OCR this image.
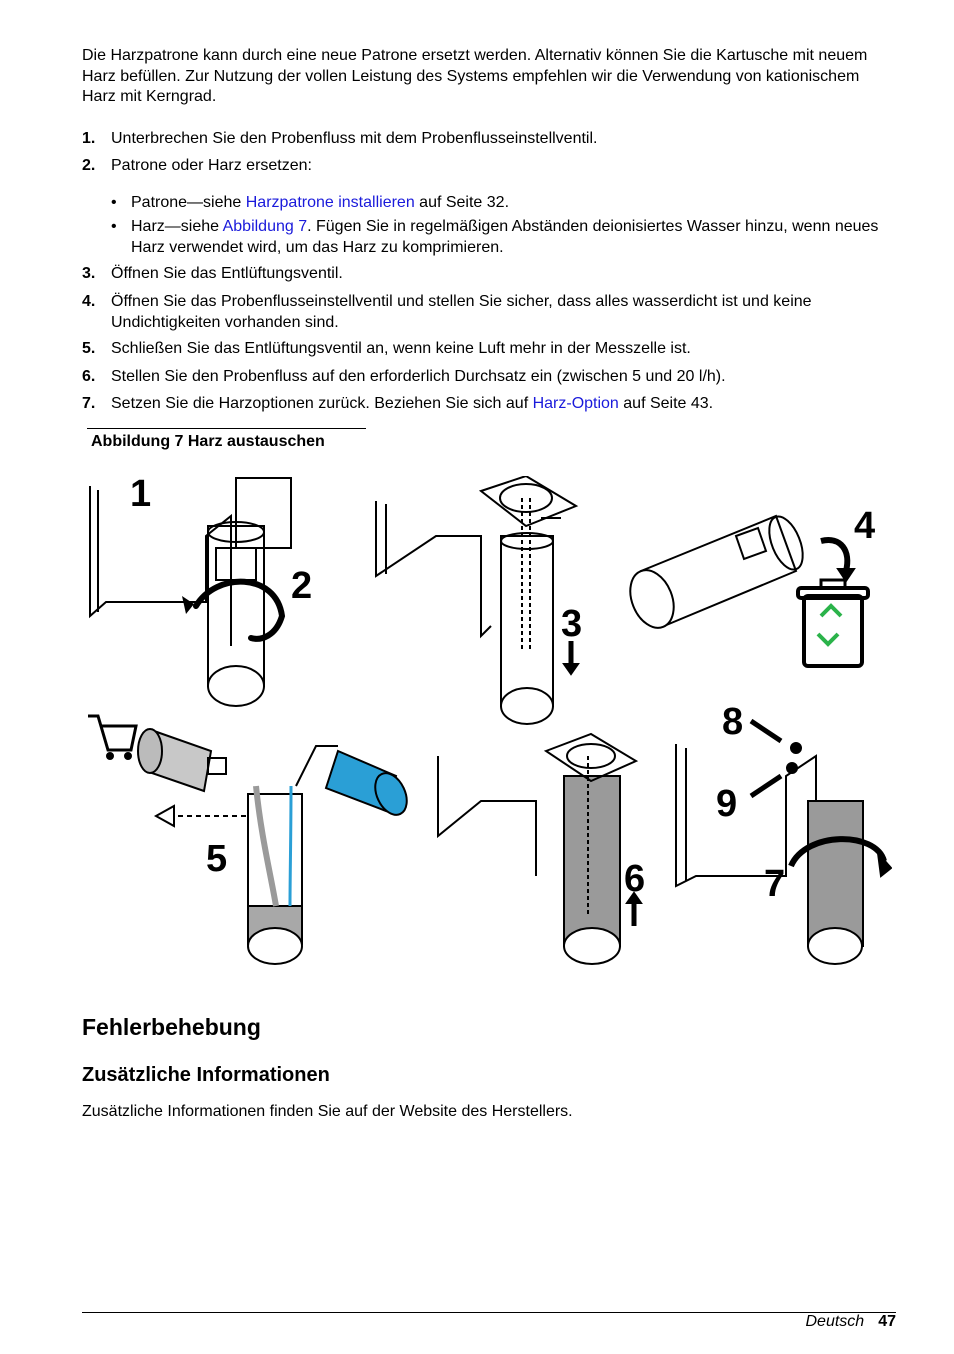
Die Harzpatrone kann durch eine neue Patrone ersetzt werden. Alternativ können Sie die Kartusche mit neuem Harz befüllen. Zur Nutzung der vollen Leistung des Systems empfehlen wir die Verwendung von kationischem Harz mit Kerngrad.

1. Unterbrechen Sie den Probenfluss mit dem Probenflusseinstellventil.
2. Patrone oder Harz ersetzen:
• Patrone—siehe Harzpatrone installieren auf Seite 32.
• Harz—siehe Abbildung 7. Fügen Sie in regelmäßigen Abständen deionisiertes Wasser hinzu, wenn neues Harz verwendet wird, um das Harz zu komprimieren.
3. Öffnen Sie das Entlüftungsventil.
4. Öffnen Sie das Probenflusseinstellventil und stellen Sie sicher, dass alles wasserdicht ist und keine Undichtigkeiten vorhanden sind.
5. Schließen Sie das Entlüftungsventil an, wenn keine Luft mehr in der Messzelle ist.
6. Stellen Sie den Probenfluss auf den erforderlich Durchsatz ein (zwischen 5 und 20 l/h).
7. Setzen Sie die Harzoptionen zurück. Beziehen Sie sich auf Harz-Option auf Seite 43.
Abbildung 7 Harz austauschen
1
2
3
4
5	6	7
8
9
Fehlerbehebung
Zusätzliche Informationen

Zusätzliche Informationen finden Sie auf der Website des Herstellers.

Deutsch 47
